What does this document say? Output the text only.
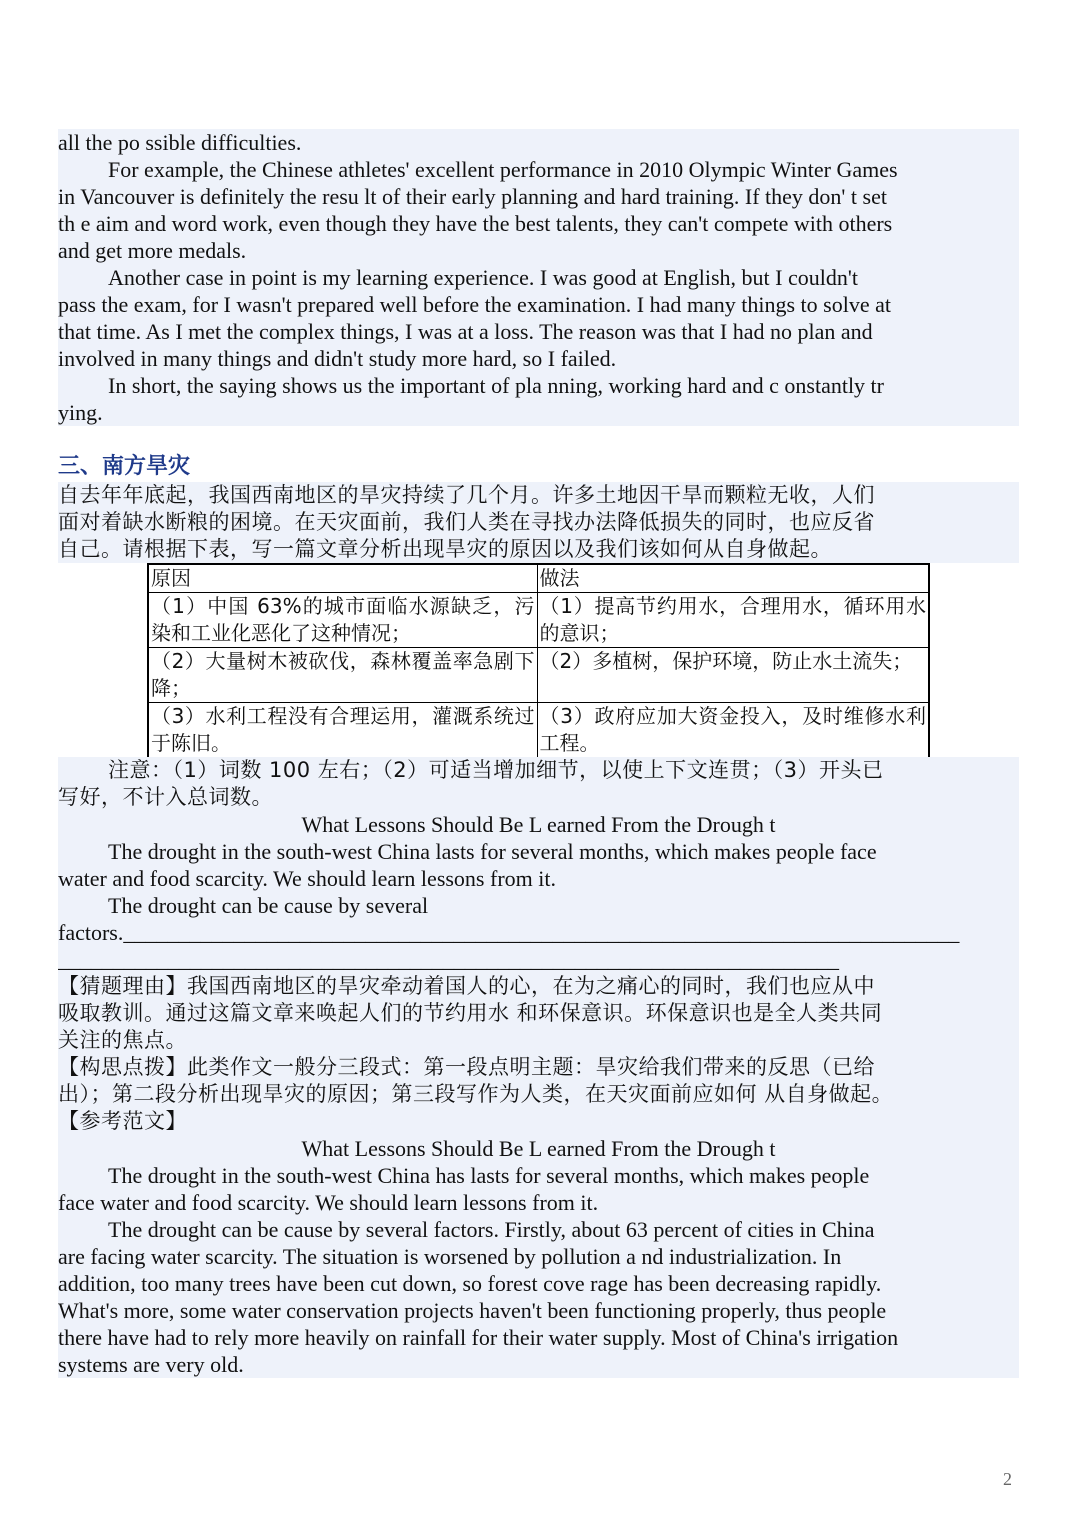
all the po ssible difficulties.
For example, the Chinese athletes' excellent performance in 2010 Olympic Winter Games
in Vancouver is definitely the resu lt of their early planning and hard training. If they don' t set
th e aim and word work, even though they have the best talents, they can't compete with others
and get more medals.
Another case in point is my learning experience. I was good at English, but I couldn't
pass the exam, for I wasn't prepared well before the examination. I had many things to solve at
that time. As I met the complex things, I was at a loss. The reason was that I had no plan and
involved in many things and didn't study more hard, so I failed.
In short, the saying shows us the important of pla nning, working hard and c onstantly tr
ying.
三、南方旱灾
自去年年底起，我国西南地区的旱灾持续了几个月。许多土地因干旱而颗粒无收，人们
面对着缺水断粮的困境。在天灾面前，我们人类在寻找办法降低损失的同时，也应反省
自己。请根据下表，写一篇文章分析出现旱灾的原因以及我们该如何从自身做起。
原因	做法

（1）中国 63%的城市面临水源缺乏，污染和工业化恶化了这种情况；	（1）提高节约用水，合理用水，循环用水的意识；

（2）大量树木被砍伐，森林覆盖率急剧下降；	（2）多植树，保护环境，防止水土流失；

（3）水利工程没有合理运用，灌溉系统过于陈旧。	（3）政府应加大资金投入，及时维修水利工程。

注意：（1）词数 100 左右；（2）可适当增加细节，以使上下文连贯；（3）开头已
写好，不计入总词数。
What Lessons Should Be L earned From the Drough t
The drought in the south-west China lasts for several months, which makes people face
water and food scarcity. We should learn lessons from it.
The drought can be cause by several
factors.____________________________________________________________________________
_______________________________________________________________________
【猜题理由】我国西南地区的旱灾牵动着国人的心，在为之痛心的同时，我们也应从中
吸取教训。通过这篇文章来唤起人们的节约用水 和环保意识。环保意识也是全人类共同
关注的焦点。
【构思点拨】此类作文一般分三段式：第一段点明主题：旱灾给我们带来的反思（已给
出）；第二段分析出现旱灾的原因；第三段写作为人类，在天灾面前应如何 从自身做起。
【参考范文】
What Lessons Should Be L earned From the Drough t
The drought in the south-west China has lasts for several months, which makes people
face water and food scarcity. We should learn lessons from it.
The drought can be cause by several factors. Firstly, about 63 percent of cities in China
are facing water scarcity. The situation is worsened by pollution a nd industrialization. In
addition, too many trees have been cut down, so forest cove rage has been decreasing rapidly.
What's more, some water conservation projects haven't been functioning properly, thus people
there have had to rely more heavily on rainfall for their water supply. Most of China's irrigation
systems are very old.
2
